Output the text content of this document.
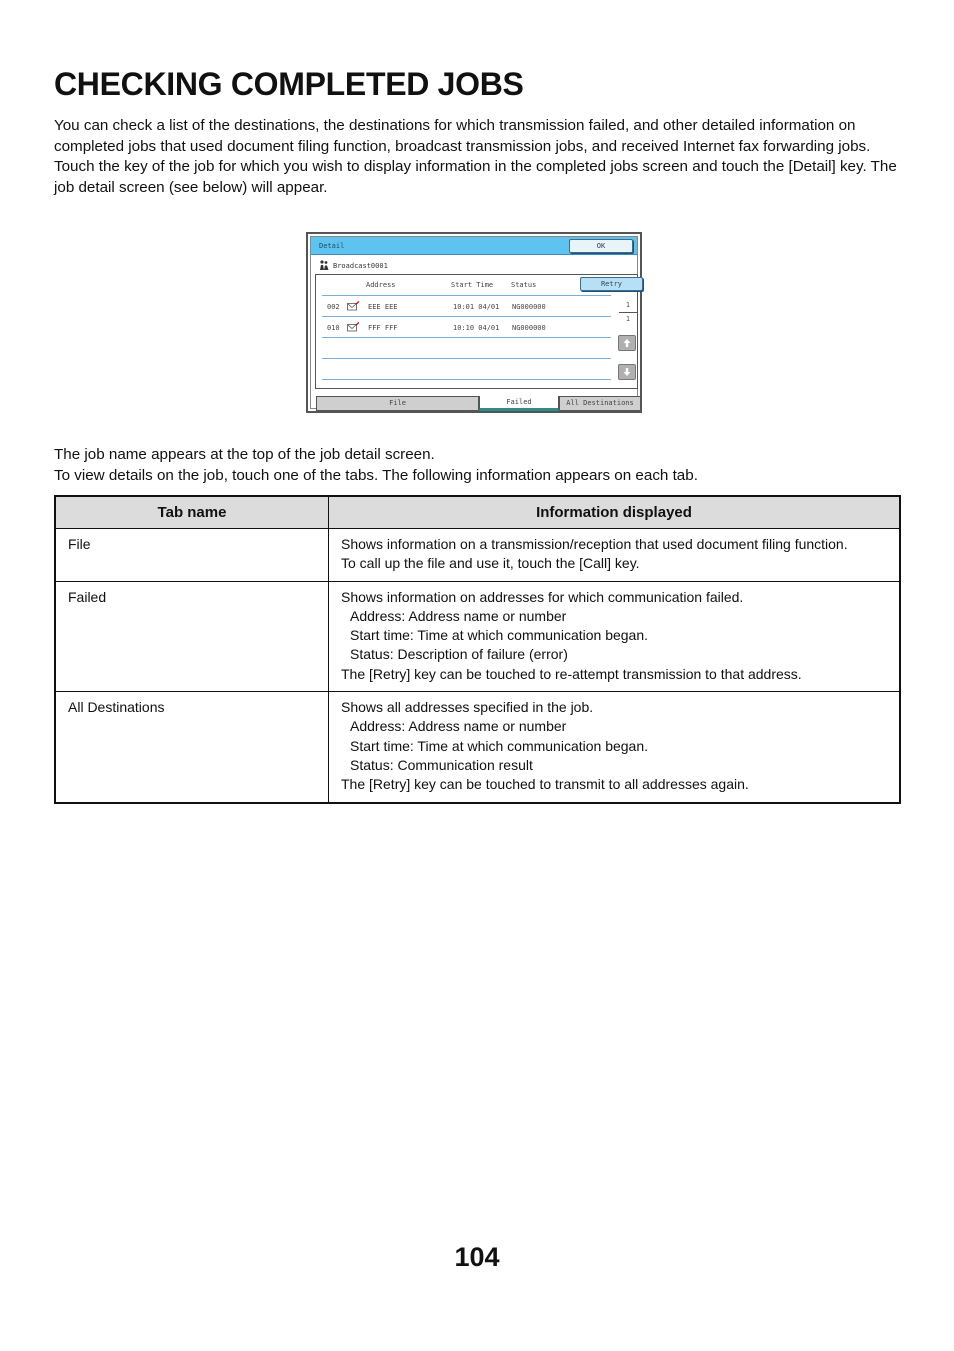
CHECKING COMPLETED JOBS

You can check a list of the destinations, the destinations for which transmission failed, and other detailed information on completed jobs that used document filing function, broadcast transmission jobs, and received Internet fax forwarding jobs. Touch the key of the job for which you wish to display information in the completed jobs screen and touch the [Detail] key. The job detail screen (see below) will appear.

Detail	OK
Broadcast0001
Address	Start Time	Status	Retry
002	EEE EEE	10:01 04/01 NG000000
010	FFF FFF	10:10 04/01 NG000000
1
1
File	Failed	All Destinations

The job name appears at the top of the job detail screen.

To view details on the job, touch one of the tabs. The following information appears on each tab.

Tab name	Information displayed
File	Shows information on a transmission/reception that used document filing function.
To call up the file and use it, touch the [Call] key.

Failed	Shows information on addresses for which communication failed.
Address: Address name or number
Start time: Time at which communication began.
Status: Description of failure (error)
The [Retry] key can be touched to re-attempt transmission to that address.

All Destinations	Shows all addresses specified in the job.
Address: Address name or number
Start time: Time at which communication began.
Status: Communication result
The [Retry] key can be touched to transmit to all addresses again.

104
